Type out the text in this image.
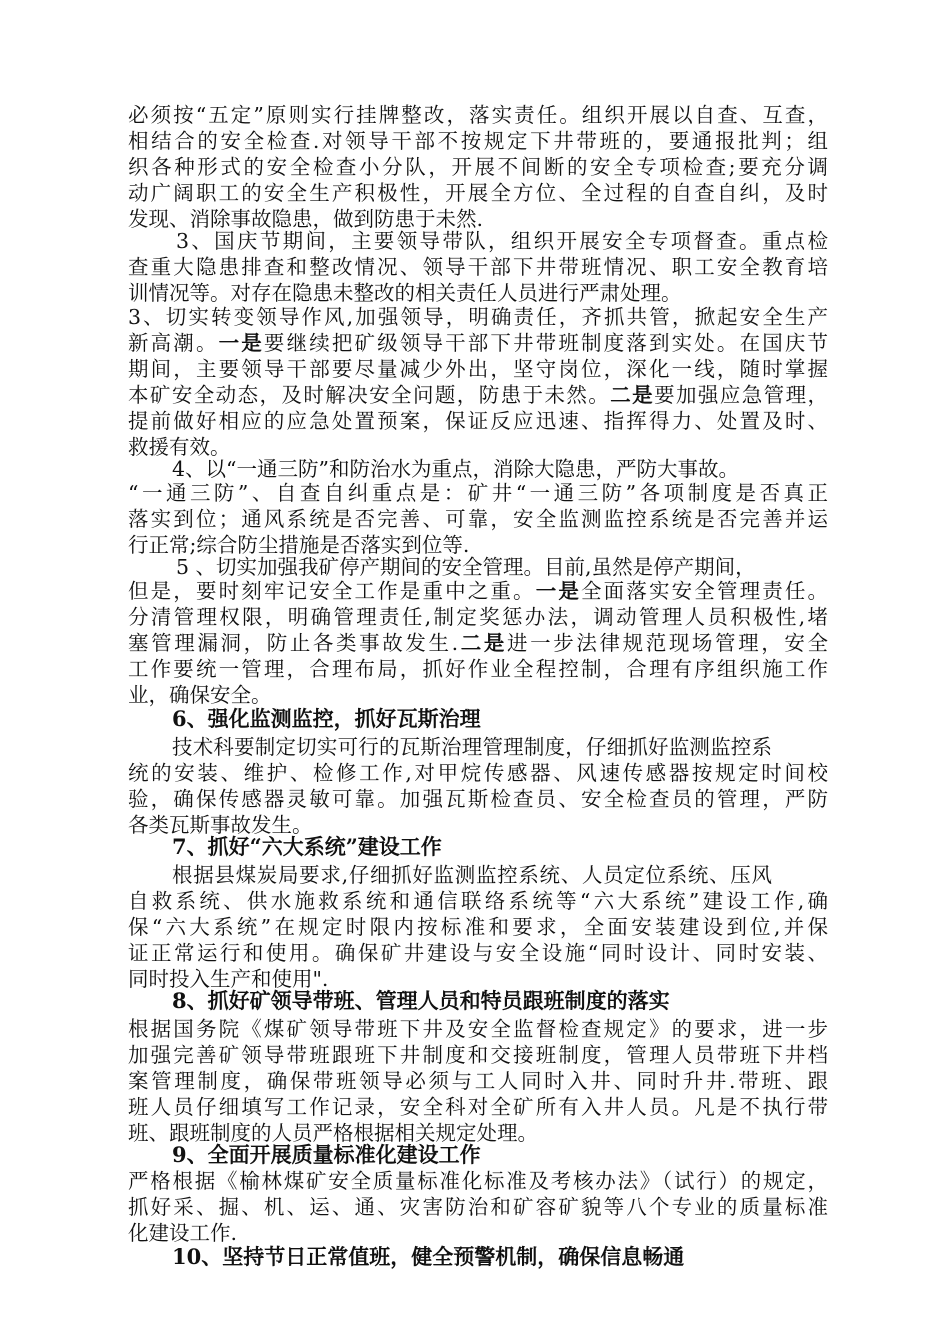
必须按“五定”原则实行挂牌整改，落实责任。组织开展以自查、互查，
相结合的安全检查.对领导干部不按规定下井带班的，要通报批判；组
织各种形式的安全检查小分队，开展不间断的安全专项检查;要充分调
动广阔职工的安全生产积极性，开展全方位、全过程的自查自纠，及时
发现、消除事故隐患，做到防患于未然.
3、国庆节期间，主要领导带队，组织开展安全专项督查。重点检
查重大隐患排查和整改情况、领导干部下井带班情况、职工安全教育培
训情况等。对存在隐患未整改的相关责任人员进行严肃处理。
3、切实转变领导作风,加强领导，明确责任，齐抓共管，掀起安全生产
新高潮。一是要继续把矿级领导干部下井带班制度落到实处。在国庆节
期间，主要领导干部要尽量减少外出，坚守岗位，深化一线，随时掌握
本矿安全动态，及时解决安全问题，防患于未然。二是要加强应急管理，
提前做好相应的应急处置预案，保证反应迅速、指挥得力、处置及时、
救援有效。
4、以“一通三防”和防治水为重点，消除大隐患，严防大事故。
“一通三防”、自查自纠重点是：矿井“一通三防”各项制度是否真正
落实到位；通风系统是否完善、可靠，安全监测监控系统是否完善并运
行正常;综合防尘措施是否落实到位等.
5 、切实加强我矿停产期间的安全管理。目前,虽然是停产期间，
但是，要时刻牢记安全工作是重中之重。一是全面落实安全管理责任。
分清管理权限，明确管理责任,制定奖惩办法，调动管理人员积极性,堵
塞管理漏洞，防止各类事故发生.二是进一步法律规范现场管理，安全
工作要统一管理，合理布局，抓好作业全程控制，合理有序组织施工作
业，确保安全。
6、强化监测监控，抓好瓦斯治理
技术科要制定切实可行的瓦斯治理管理制度，仔细抓好监测监控系
统的安装、维护、检修工作,对甲烷传感器、风速传感器按规定时间校
验，确保传感器灵敏可靠。加强瓦斯检查员、安全检查员的管理，严防
各类瓦斯事故发生。
7、抓好“六大系统”建设工作
根据县煤炭局要求,仔细抓好监测监控系统、人员定位系统、压风
自救系统、供水施救系统和通信联络系统等“六大系统”建设工作,确
保“六大系统”在规定时限内按标准和要求，全面安装建设到位,并保
证正常运行和使用。确保矿井建设与安全设施“同时设计、同时安装、
同时投入生产和使用".
8、抓好矿领导带班、管理人员和特员跟班制度的落实
根据国务院《煤矿领导带班下井及安全监督检查规定》的要求，进一步
加强完善矿领导带班跟班下井制度和交接班制度，管理人员带班下井档
案管理制度，确保带班领导必须与工人同时入井、同时升井.带班、跟
班人员仔细填写工作记录，安全科对全矿所有入井人员。凡是不执行带
班、跟班制度的人员严格根据相关规定处理。
9、全面开展质量标准化建设工作
严格根据《榆林煤矿安全质量标准化标准及考核办法》（试行）的规定，
抓好采、掘、机、运、通、灾害防治和矿容矿貌等八个专业的质量标准
化建设工作.
10、坚持节日正常值班，健全预警机制，确保信息畅通
